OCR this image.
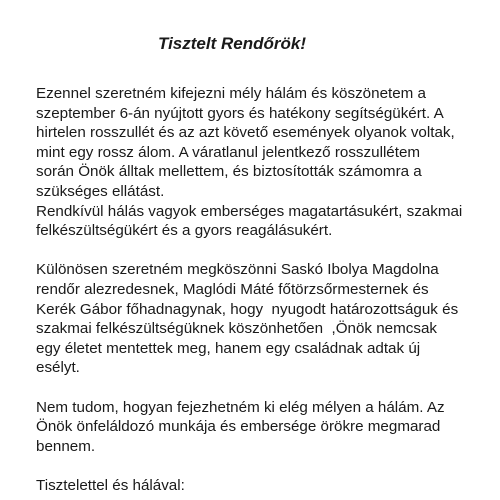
Tisztelt Rendőrök!
Ezennel szeretném kifejezni mély hálám és köszönetem a
szeptember 6-án nyújtott gyors és hatékony segítségükért. A
hirtelen rosszullét és az azt követő események olyanok voltak,
mint egy rossz álom. A váratlanul jelentkező rosszullétem
során Önök álltak mellettem, és biztosították számomra a
szükséges ellátást.
Rendkívül hálás vagyok emberséges magatartásukért, szakmai
felkészültségükért és a gyors reagálásukért.
Különösen szeretném megköszönni Saskó Ibolya Magdolna
rendőr alezredesnek, Maglódi Máté főtörzsőrmesternek és
Kerék Gábor főhadnagynak, hogy  nyugodt határozottságuk és
szakmai felkészültségüknek köszönhetően  ,Önök nemcsak
egy életet mentettek meg, hanem egy családnak adtak új
esélyt.
Nem tudom, hogyan fejezhetném ki elég mélyen a hálám. Az
Önök önfeláldozó munkája és embersége örökre megmarad
bennem.
Tisztelettel és hálával:
